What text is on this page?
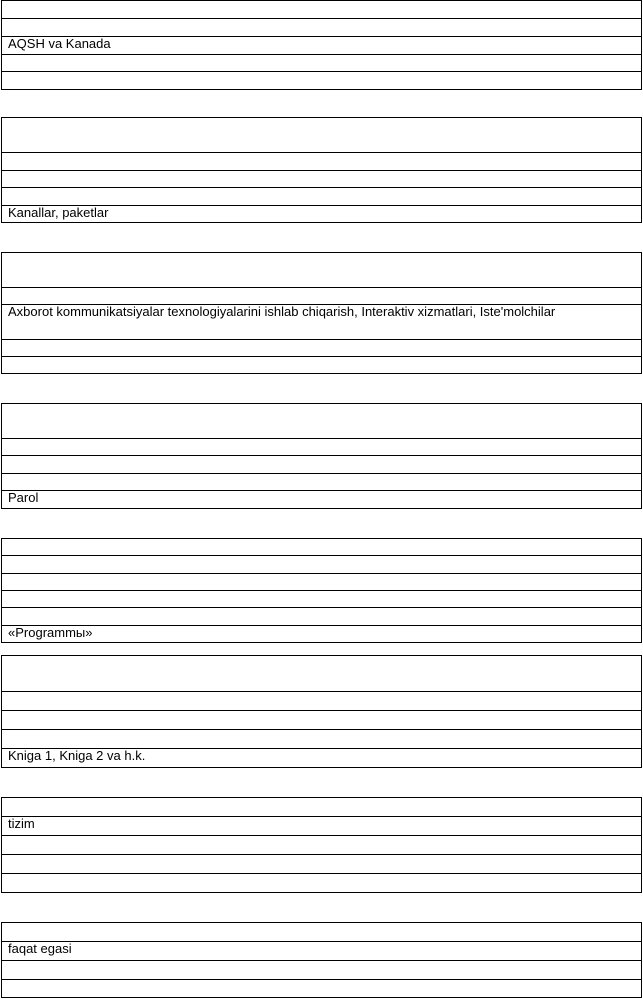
AQSH va Kanada

Kanallar, paketlar

Axborot kommunikatsiyalar texnologiyalarini ishlab chiqarish, Interaktiv xizmatlari, Iste'molchilar

Parol

«Programmы»

Kniga 1, Kniga 2 va h.k.

tizim

faqat egasi
